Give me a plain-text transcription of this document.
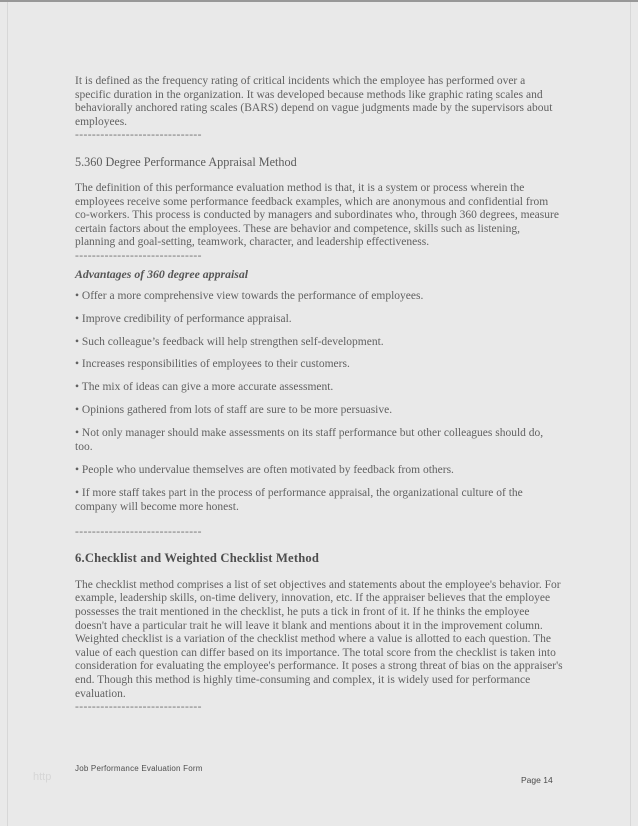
It is defined as the frequency rating of critical incidents which the employee has performed over a specific duration in the organization. It was developed because methods like graphic rating scales and behaviorally anchored rating scales (BARS) depend on vague judgments made by the supervisors about employees.

------------------------------
5.360 Degree Performance Appraisal Method

The definition of this performance evaluation method is that, it is a system or process wherein the employees receive some performance feedback examples, which are anonymous and confidential from co-workers. This process is conducted by managers and subordinates who, through 360 degrees, measure certain factors about the employees. These are behavior and competence, skills such as listening, planning and goal-setting, teamwork, character, and leadership effectiveness.

------------------------------
Advantages of 360 degree appraisal
• Offer a more comprehensive view towards the performance of employees.
• Improve credibility of performance appraisal.
• Such colleague’s feedback will help strengthen self-development.
• Increases responsibilities of employees to their customers.
• The mix of ideas can give a more accurate assessment.
• Opinions gathered from lots of staff are sure to be more persuasive.
• Not only manager should make assessments on its staff performance but other colleagues should do, too.
• People who undervalue themselves are often motivated by feedback from others.
• If more staff takes part in the process of performance appraisal, the organizational culture of the company will become more honest.
------------------------------
6.Checklist and Weighted Checklist Method

The checklist method comprises a list of set objectives and statements about the employee's behavior. For example, leadership skills, on-time delivery, innovation, etc. If the appraiser believes that the employee possesses the trait mentioned in the checklist, he puts a tick in front of it. If he thinks the employee doesn't have a particular trait he will leave it blank and mentions about it in the improvement column. Weighted checklist is a variation of the checklist method where a value is allotted to each question. The value of each question can differ based on its importance. The total score from the checklist is taken into consideration for evaluating the employee's performance. It poses a strong threat of bias on the appraiser's end. Though this method is highly time-consuming and complex, it is widely used for performance evaluation.

------------------------------
http
Job Performance Evaluation Form
Page 14
